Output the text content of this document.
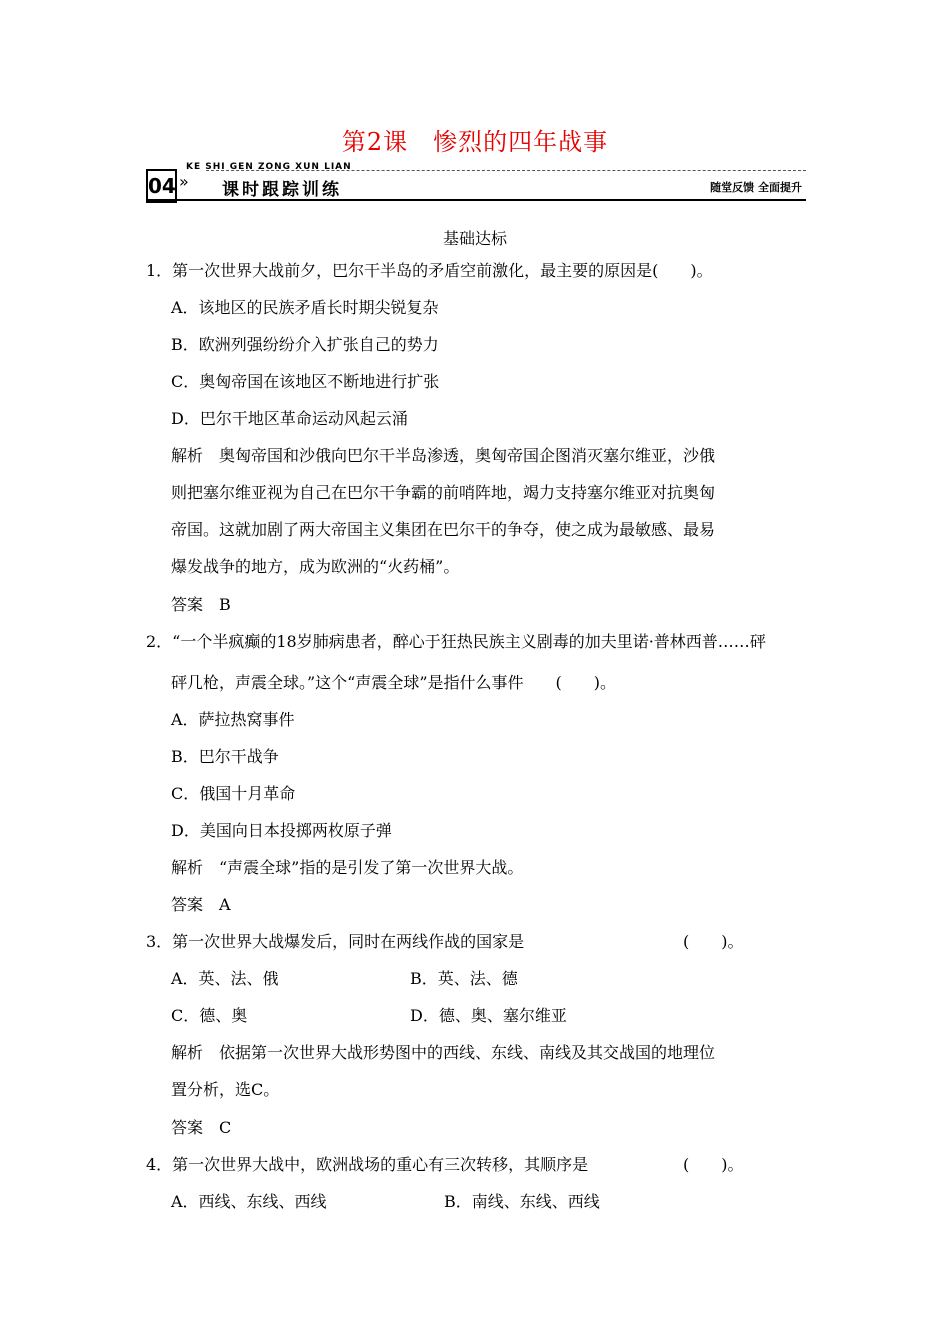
第2课　惨烈的四年战事
04 »
KE SHI GEN ZONG XUN LIAN
课时跟踪训练	随堂反馈 全面提升
基础达标
1．第一次世界大战前夕，巴尔干半岛的矛盾空前激化，最主要的原因是(　　)。
A．该地区的民族矛盾长时期尖锐复杂
B．欧洲列强纷纷介入扩张自己的势力
C．奥匈帝国在该地区不断地进行扩张
D．巴尔干地区革命运动风起云涌
解析　奥匈帝国和沙俄向巴尔干半岛渗透，奥匈帝国企图消灭塞尔维亚，沙俄
则把塞尔维亚视为自己在巴尔干争霸的前哨阵地，竭力支持塞尔维亚对抗奥匈
帝国。这就加剧了两大帝国主义集团在巴尔干的争夺，使之成为最敏感、最易
爆发战争的地方，成为欧洲的“火药桶”。
答案　B
2．“一个半疯癫的18岁肺病患者，醉心于狂热民族主义剧毒的加夫里诺·普林西普……砰
砰几枪，声震全球。”这个“声震全球”是指什么事件　　(　　)。
A．萨拉热窝事件
B．巴尔干战争
C．俄国十月革命
D．美国向日本投掷两枚原子弹
解析　“声震全球”指的是引发了第一次世界大战。
答案　A
3．第一次世界大战爆发后，同时在两线作战的国家是	(　　)。
A．英、法、俄	B．英、法、德
C．德、奥	D．德、奥、塞尔维亚
解析　依据第一次世界大战形势图中的西线、东线、南线及其交战国的地理位
置分析，选C。
答案　C
4．第一次世界大战中，欧洲战场的重心有三次转移，其顺序是	(　　)。
A．西线、东线、西线	B．南线、东线、西线
